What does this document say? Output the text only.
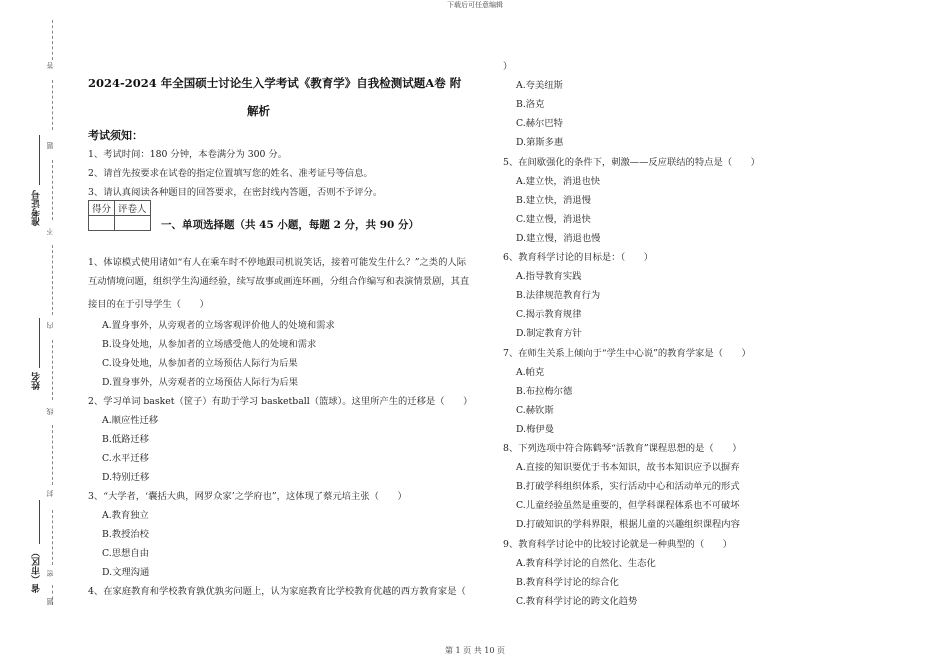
下载后可任意编辑
第 1 页 共 10 页
答
题
不
内
线
封
密
题
准考证号
姓名
省（市区）
2024-2024 年全国硕士讨论生入学考试《教育学》自我检测试题A卷 附
解析
考试须知：
1、考试时间：180 分钟，本卷满分为 300 分。
2、请首先按要求在试卷的指定位置填写您的姓名、准考证号等信息。
3、请认真阅读各种题目的回答要求，在密封线内答题，否则不予评分。
得分	评卷人

一、单项选择题（共 45 小题，每题 2 分，共 90 分）
1、体谅模式使用诸如“有人在乘车时不停地跟司机说笑话，接着可能发生什么？”之类的人际
互动情境问题，组织学生沟通经验，续写故事或画连环画，分组合作编写和表演情景剧，其直
接目的在于引导学生（　　）
A.置身事外，从旁观者的立场客观评价他人的处境和需求
B.设身处地，从参加者的立场感受他人的处境和需求
C.设身处地，从参加者的立场预估人际行为后果
D.置身事外，从旁观者的立场预估人际行为后果
2、学习单词 basket（筐子）有助于学习 basketball（篮球）。这里所产生的迁移是（　　）
A.顺应性迁移
B.低路迁移
C.水平迁移
D.特别迁移
3、“大学者，‘囊括大典，网罗众家’之学府也”，这体现了蔡元培主张（　　）
A.教育独立
B.教授治校
C.思想自由
D.文理沟通
4、在家庭教育和学校教育孰优孰劣问题上，认为家庭教育比学校教育优越的西方教育家是（
）
A.夸美纽斯
B.洛克
C.赫尔巴特
D.第斯多惠
5、在间歇强化的条件下，刺激——反应联结的特点是（　　）
A.建立快，消退也快
B.建立快，消退慢
C.建立慢，消退快
D.建立慢，消退也慢
6、教育科学讨论的目标是：（　　）
A.指导教育实践
B.法律规范教育行为
C.揭示教育规律
D.制定教育方针
7、在师生关系上倾向于“学生中心说”的教育学家是（　　）
A.帕克
B.布拉梅尔德
C.赫钦斯
D.梅伊曼
8、下列选项中符合陈鹤琴“活教育”课程思想的是（　　）
A.直接的知识要优于书本知识，故书本知识应予以摒弃
B.打破学科组织体系，实行活动中心和活动单元的形式
C.儿童经验虽然是重要的，但学科课程体系也不可破坏
D.打破知识的学科界限，根据儿童的兴趣组织课程内容
9、教育科学讨论中的比较讨论就是一种典型的（　　）
A.教育科学讨论的自然化、生态化
B.教育科学讨论的综合化
C.教育科学讨论的跨文化趋势
